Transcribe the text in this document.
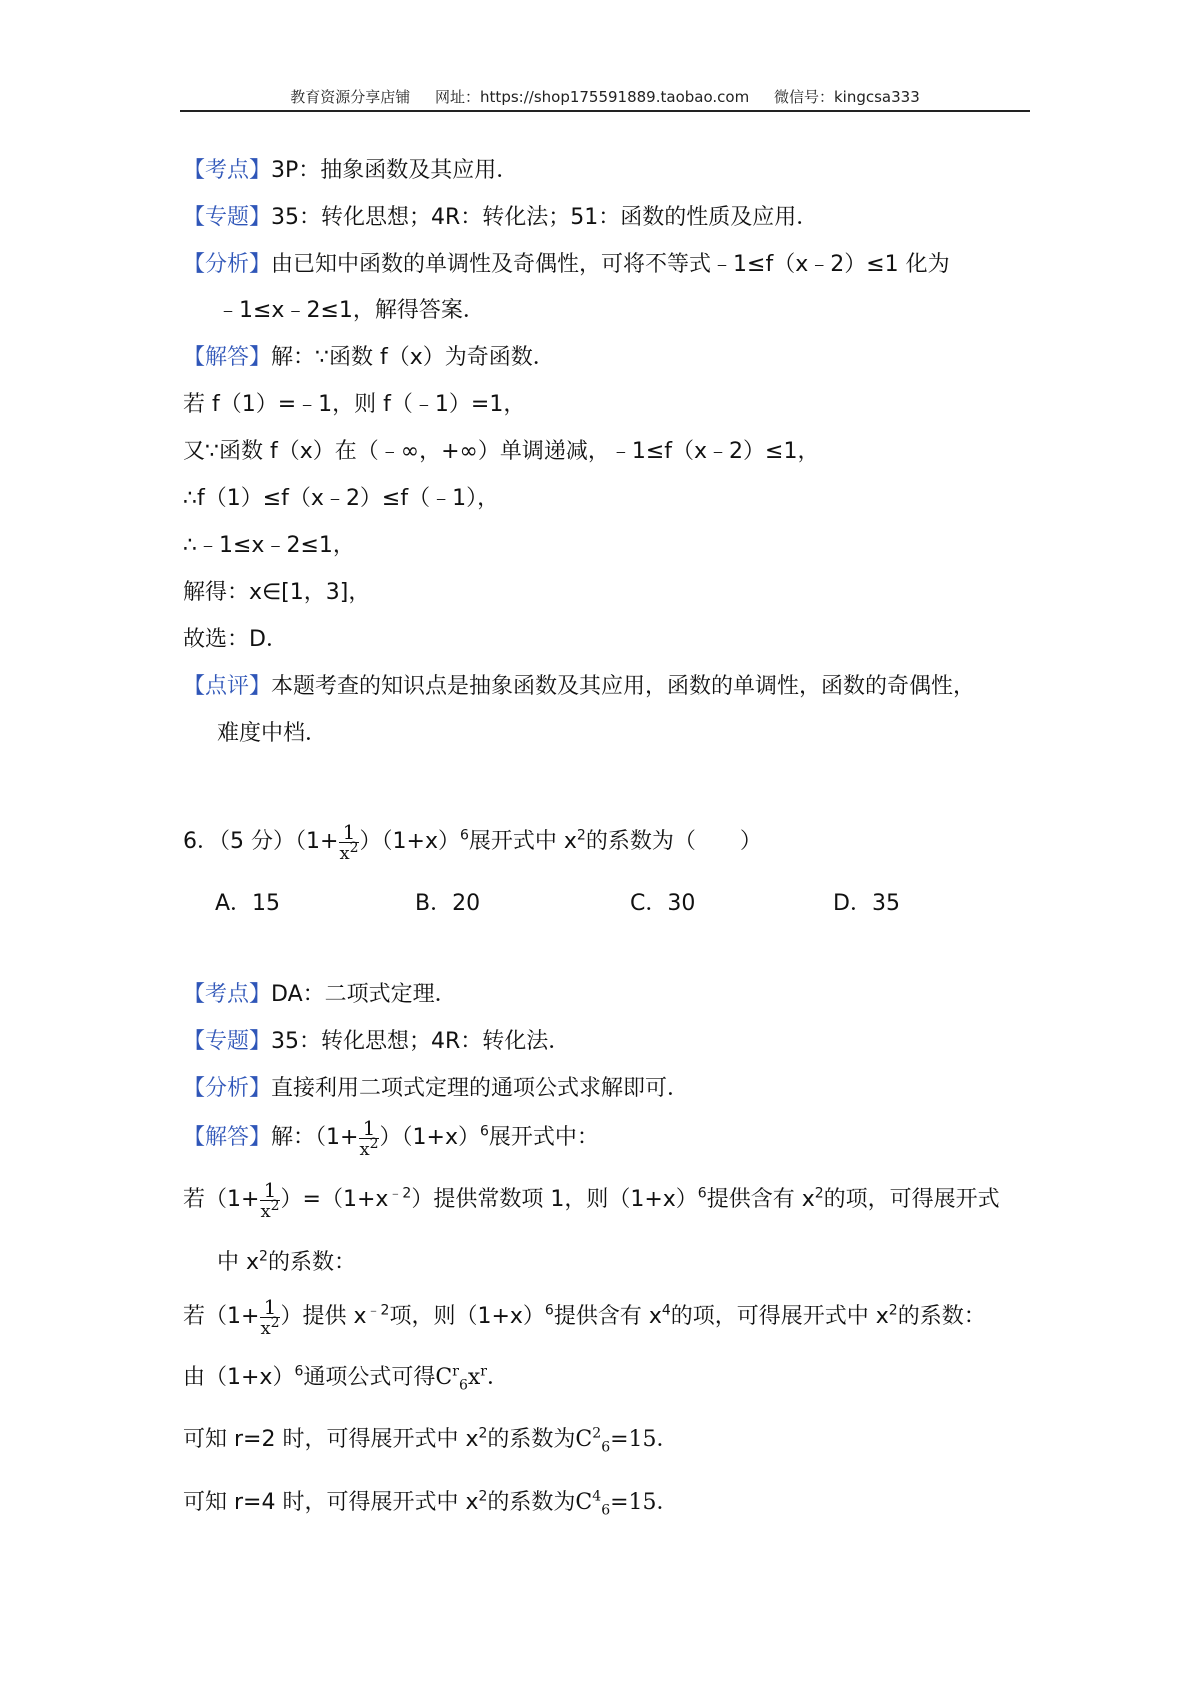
教育资源分享店铺 网址：https://shop175591889.taobao.com 微信号：kingcsa333
【考点】3P：抽象函数及其应用．
【专题】35：转化思想；4R：转化法；51：函数的性质及应用．
【分析】由已知中函数的单调性及奇偶性，可将不等式﹣1≤f（x﹣2）≤1 化为
﹣1≤x﹣2≤1，解得答案．
【解答】解：∵函数 f（x）为奇函数．
若 f（1）=﹣1，则 f（﹣1）=1，
又∵函数 f（x）在（﹣∞，+∞）单调递减，﹣1≤f（x﹣2）≤1，
∴f（1）≤f（x﹣2）≤f（﹣1），
∴﹣1≤x﹣2≤1，
解得：x∈[1，3]，
故选：D．
【点评】本题考查的知识点是抽象函数及其应用，函数的单调性，函数的奇偶性，
难度中档．
6．（5 分）$(1+ \frac{1}{x^2} )(1+x)^6$展开式中 $x^2$的系数为（　　）
A．15	B．20	C．30	D．35
【考点】DA：二项式定理．
【专题】35：转化思想；4R：转化法．
【分析】直接利用二项式定理的通项公式求解即可．
【解答】解：$(1+ \frac{1}{x^2} )(1+x)^6$展开式中：
若$(1+ \frac{1}{x^2} )=(1+x^{﹣2})$提供常数项 1，则$(1+x)^6$提供含有 $x^2$的项，可得展开式
中 $x^2$的系数：
若（$1+ \frac{1}{x^2}$ ）提供 $x^{﹣2}$项，则$(1+x)^6$提供含有 $x^4$的项，可得展开式中 $x^2$的系数：
由$(1+x)^6$通项公式可得$C^r_6x^r$．
可知 r=2 时，可得展开式中 $x^2$的系数为$C^2_6=15$．
可知 r=4 时，可得展开式中 $x^2$的系数为$C^4_6=15$．
